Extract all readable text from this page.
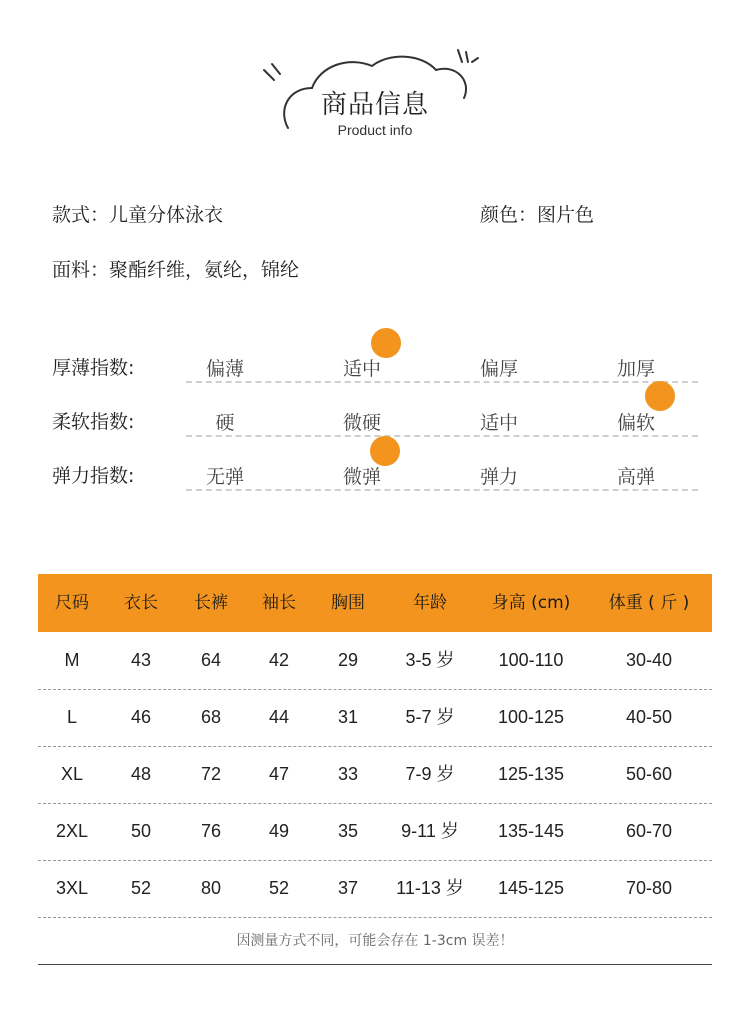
商品信息
Product info
款式：儿童分体泳衣	颜色：图片色
面料：聚酯纤维，氨纶，锦纶
厚薄指数:	偏薄	适中	偏厚	加厚
柔软指数:	硬	微硬	适中	偏软
弹力指数:	无弹	微弹	弹力	高弹
尺码	衣长	长裤	袖长	胸围	年龄	身高 (cm)	体重 ( 斤 )
M	43	64	42	29	3-5 岁	100-110	30-40
L	46	68	44	31	5-7 岁	100-125	40-50
XL	48	72	47	33	7-9 岁	125-135	50-60
2XL	50	76	49	35	9-11 岁	135-145	60-70
3XL	52	80	52	37	11-13 岁	145-125	70-80
因测量方式不同，可能会存在 1-3cm 误差！
